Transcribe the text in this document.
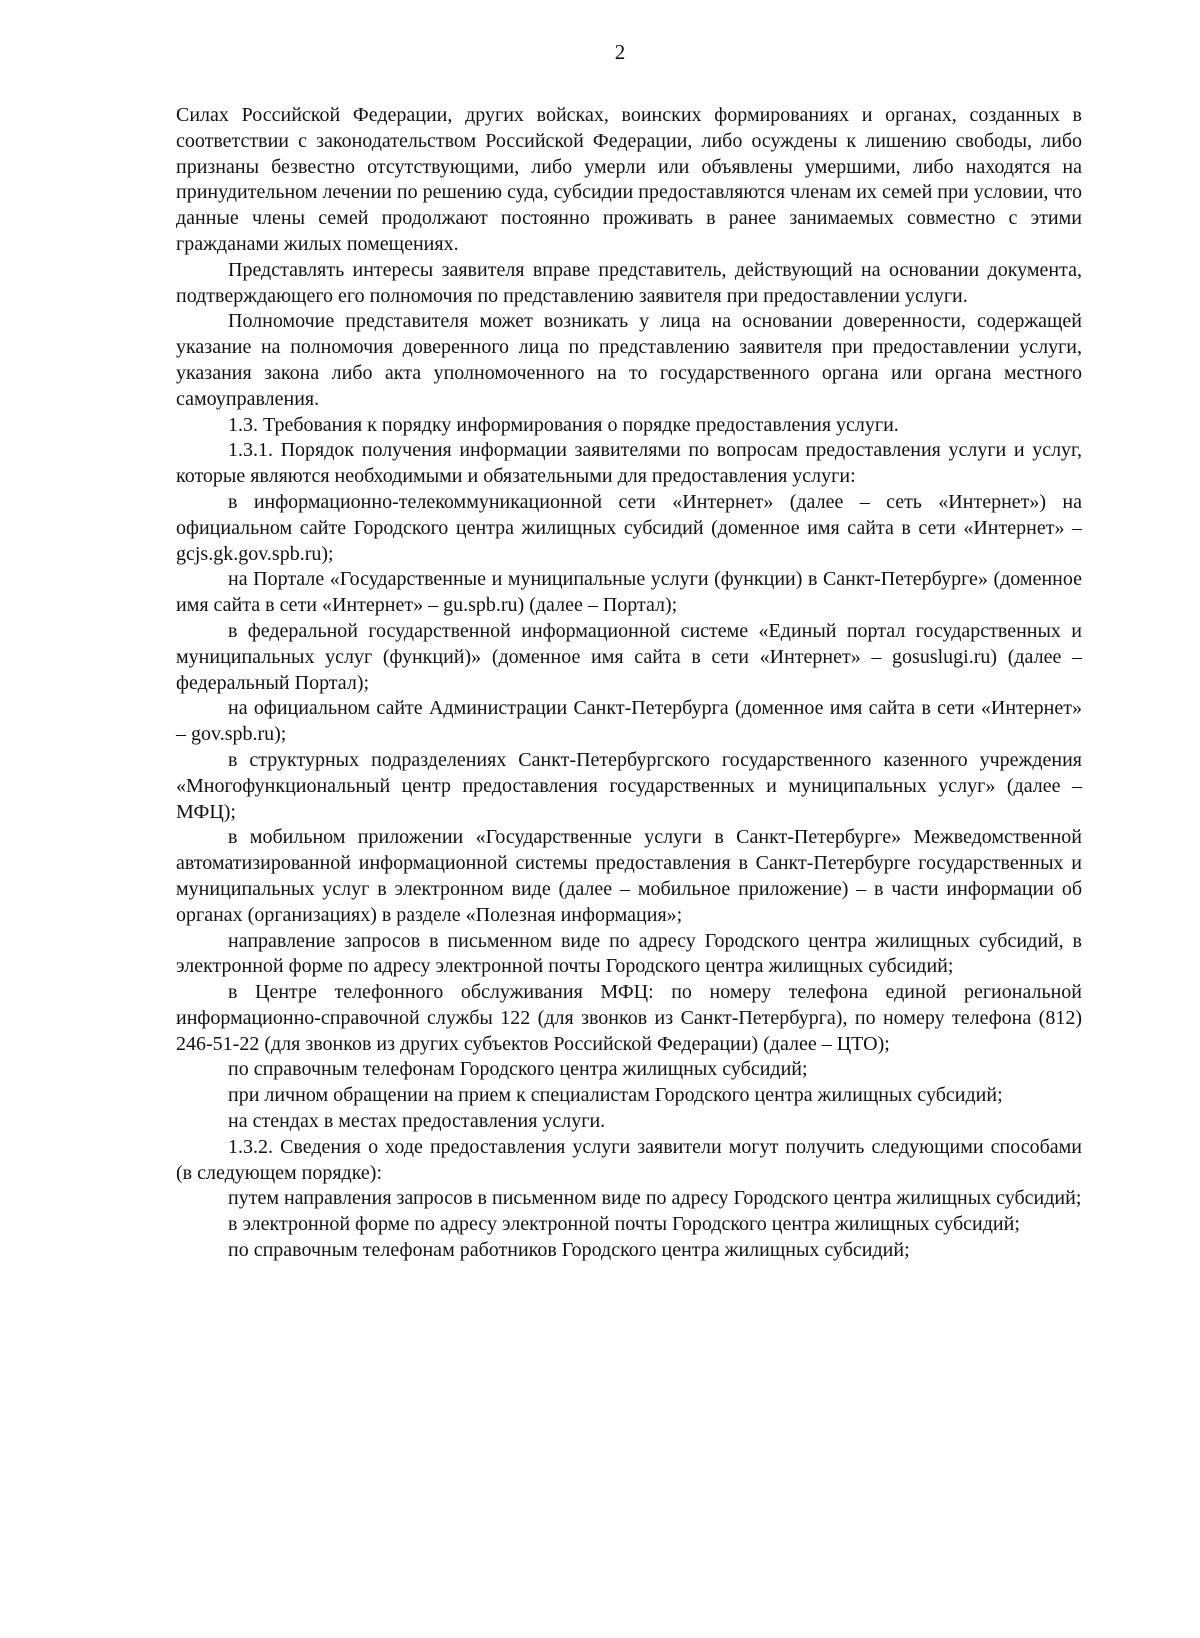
2

Силах Российской Федерации, других войсках, воинских формированиях и органах, созданных в соответствии с законодательством Российской Федерации, либо осуждены к лишению свободы, либо признаны безвестно отсутствующими, либо умерли или объявлены умершими, либо находятся на принудительном лечении по решению суда, субсидии предоставляются членам их семей при условии, что данные члены семей продолжают постоянно проживать в ранее занимаемых совместно с этими гражданами жилых помещениях.

Представлять интересы заявителя вправе представитель, действующий на основании документа, подтверждающего его полномочия по представлению заявителя при предоставлении услуги.

Полномочие представителя может возникать у лица на основании доверенности, содержащей указание на полномочия доверенного лица по представлению заявителя при предоставлении услуги, указания закона либо акта уполномоченного на то государственного органа или органа местного самоуправления.

1.3. Требования к порядку информирования о порядке предоставления услуги.

1.3.1. Порядок получения информации заявителями по вопросам предоставления услуги и услуг, которые являются необходимыми и обязательными для предоставления услуги:

в информационно-телекоммуникационной сети «Интернет» (далее – сеть «Интернет») на официальном сайте Городского центра жилищных субсидий (доменное имя сайта в сети «Интернет» – gcjs.gk.gov.spb.ru);

на Портале «Государственные и муниципальные услуги (функции) в Санкт-Петербурге» (доменное имя сайта в сети «Интернет» – gu.spb.ru) (далее – Портал);

в федеральной государственной информационной системе «Единый портал государственных и муниципальных услуг (функций)» (доменное имя сайта в сети «Интернет» – gosuslugi.ru) (далее – федеральный Портал);

на официальном сайте Администрации Санкт-Петербурга (доменное имя сайта в сети «Интернет» – gov.spb.ru);

в структурных подразделениях Санкт-Петербургского государственного казенного учреждения «Многофункциональный центр предоставления государственных и муниципальных услуг» (далее – МФЦ);

в мобильном приложении «Государственные услуги в Санкт-Петербурге» Межведомственной автоматизированной информационной системы предоставления в Санкт-Петербурге государственных и муниципальных услуг в электронном виде (далее – мобильное приложение) – в части информации об органах (организациях) в разделе «Полезная информация»;

направление запросов в письменном виде по адресу Городского центра жилищных субсидий, в электронной форме по адресу электронной почты Городского центра жилищных субсидий;

в Центре телефонного обслуживания МФЦ: по номеру телефона единой региональной информационно-справочной службы 122 (для звонков из Санкт-Петербурга), по номеру телефона (812) 246-51-22 (для звонков из других субъектов Российской Федерации) (далее – ЦТО);

по справочным телефонам Городского центра жилищных субсидий;

при личном обращении на прием к специалистам Городского центра жилищных субсидий;

на стендах в местах предоставления услуги.

1.3.2. Сведения о ходе предоставления услуги заявители могут получить следующими способами (в следующем порядке):

путем направления запросов в письменном виде по адресу Городского центра жилищных субсидий;

в электронной форме по адресу электронной почты Городского центра жилищных субсидий;

по справочным телефонам работников Городского центра жилищных субсидий;
